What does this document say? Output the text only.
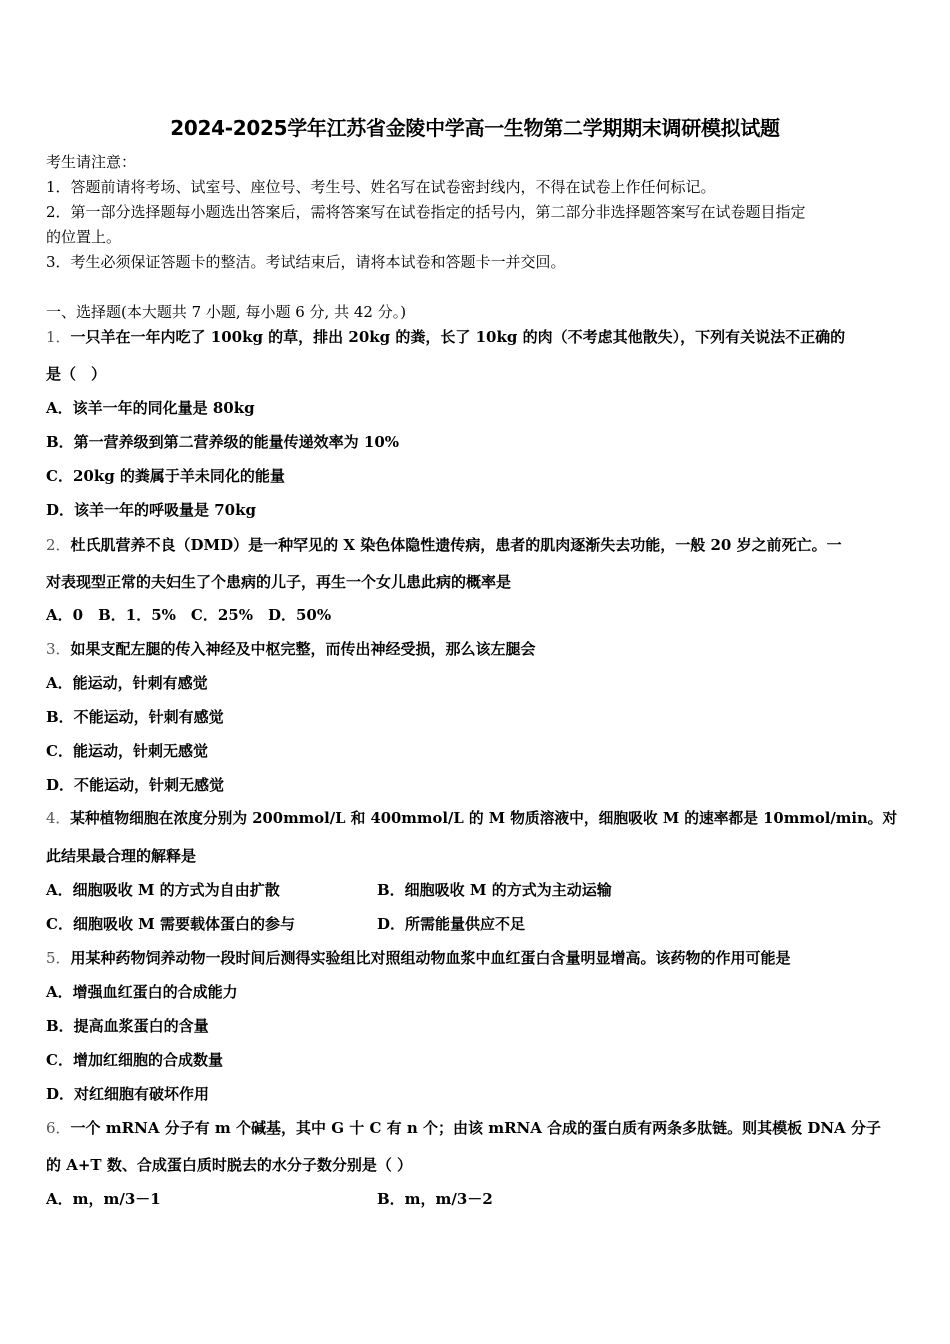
2024-2025学年江苏省金陵中学高一生物第二学期期末调研模拟试题
考生请注意：
1．答题前请将考场、试室号、座位号、考生号、姓名写在试卷密封线内，不得在试卷上作任何标记。
2．第一部分选择题每小题选出答案后，需将答案写在试卷指定的括号内，第二部分非选择题答案写在试卷题目指定
的位置上。
3．考生必须保证答题卡的整洁。考试结束后，请将本试卷和答题卡一并交回。
一、选择题(本大题共 7 小题, 每小题 6 分, 共 42 分。)
1．一只羊在一年内吃了 100kg 的草，排出 20kg 的粪，长了 10kg 的肉（不考虑其他散失），下列有关说法不正确的
是（　）
A．该羊一年的同化量是 80kg
B．第一营养级到第二营养级的能量传递效率为 10%
C．20kg 的粪属于羊未同化的能量
D．该羊一年的呼吸量是 70kg
2．杜氏肌营养不良（DMD）是一种罕见的 X 染色体隐性遗传病，患者的肌肉逐渐失去功能，一般 20 岁之前死亡。一
对表现型正常的夫妇生了个患病的儿子，再生一个女儿患此病的概率是
A．0　B．1．5%　C．25%　D．50%
3．如果支配左腿的传入神经及中枢完整，而传出神经受损，那么该左腿会
A．能运动，针刺有感觉
B．不能运动，针刺有感觉
C．能运动，针刺无感觉
D．不能运动，针刺无感觉
4．某种植物细胞在浓度分别为 200mmol/L 和 400mmol/L 的 M 物质溶液中，细胞吸收 M 的速率都是 10mmol/min。对
此结果最合理的解释是
A．细胞吸收 M 的方式为自由扩散	B．细胞吸收 M 的方式为主动运输
C．细胞吸收 M 需要载体蛋白的参与	D．所需能量供应不足
5．用某种药物饲养动物一段时间后测得实验组比对照组动物血浆中血红蛋白含量明显增高。该药物的作用可能是
A．增强血红蛋白的合成能力
B．提高血浆蛋白的含量
C．增加红细胞的合成数量
D．对红细胞有破坏作用
6．一个 mRNA 分子有 m 个碱基，其中 G 十 C 有 n 个；由该 mRNA 合成的蛋白质有两条多肽链。则其模板 DNA 分子
的 A+T 数、合成蛋白质时脱去的水分子数分别是（ ）
A．m，m/3－1	B．m，m/3－2
